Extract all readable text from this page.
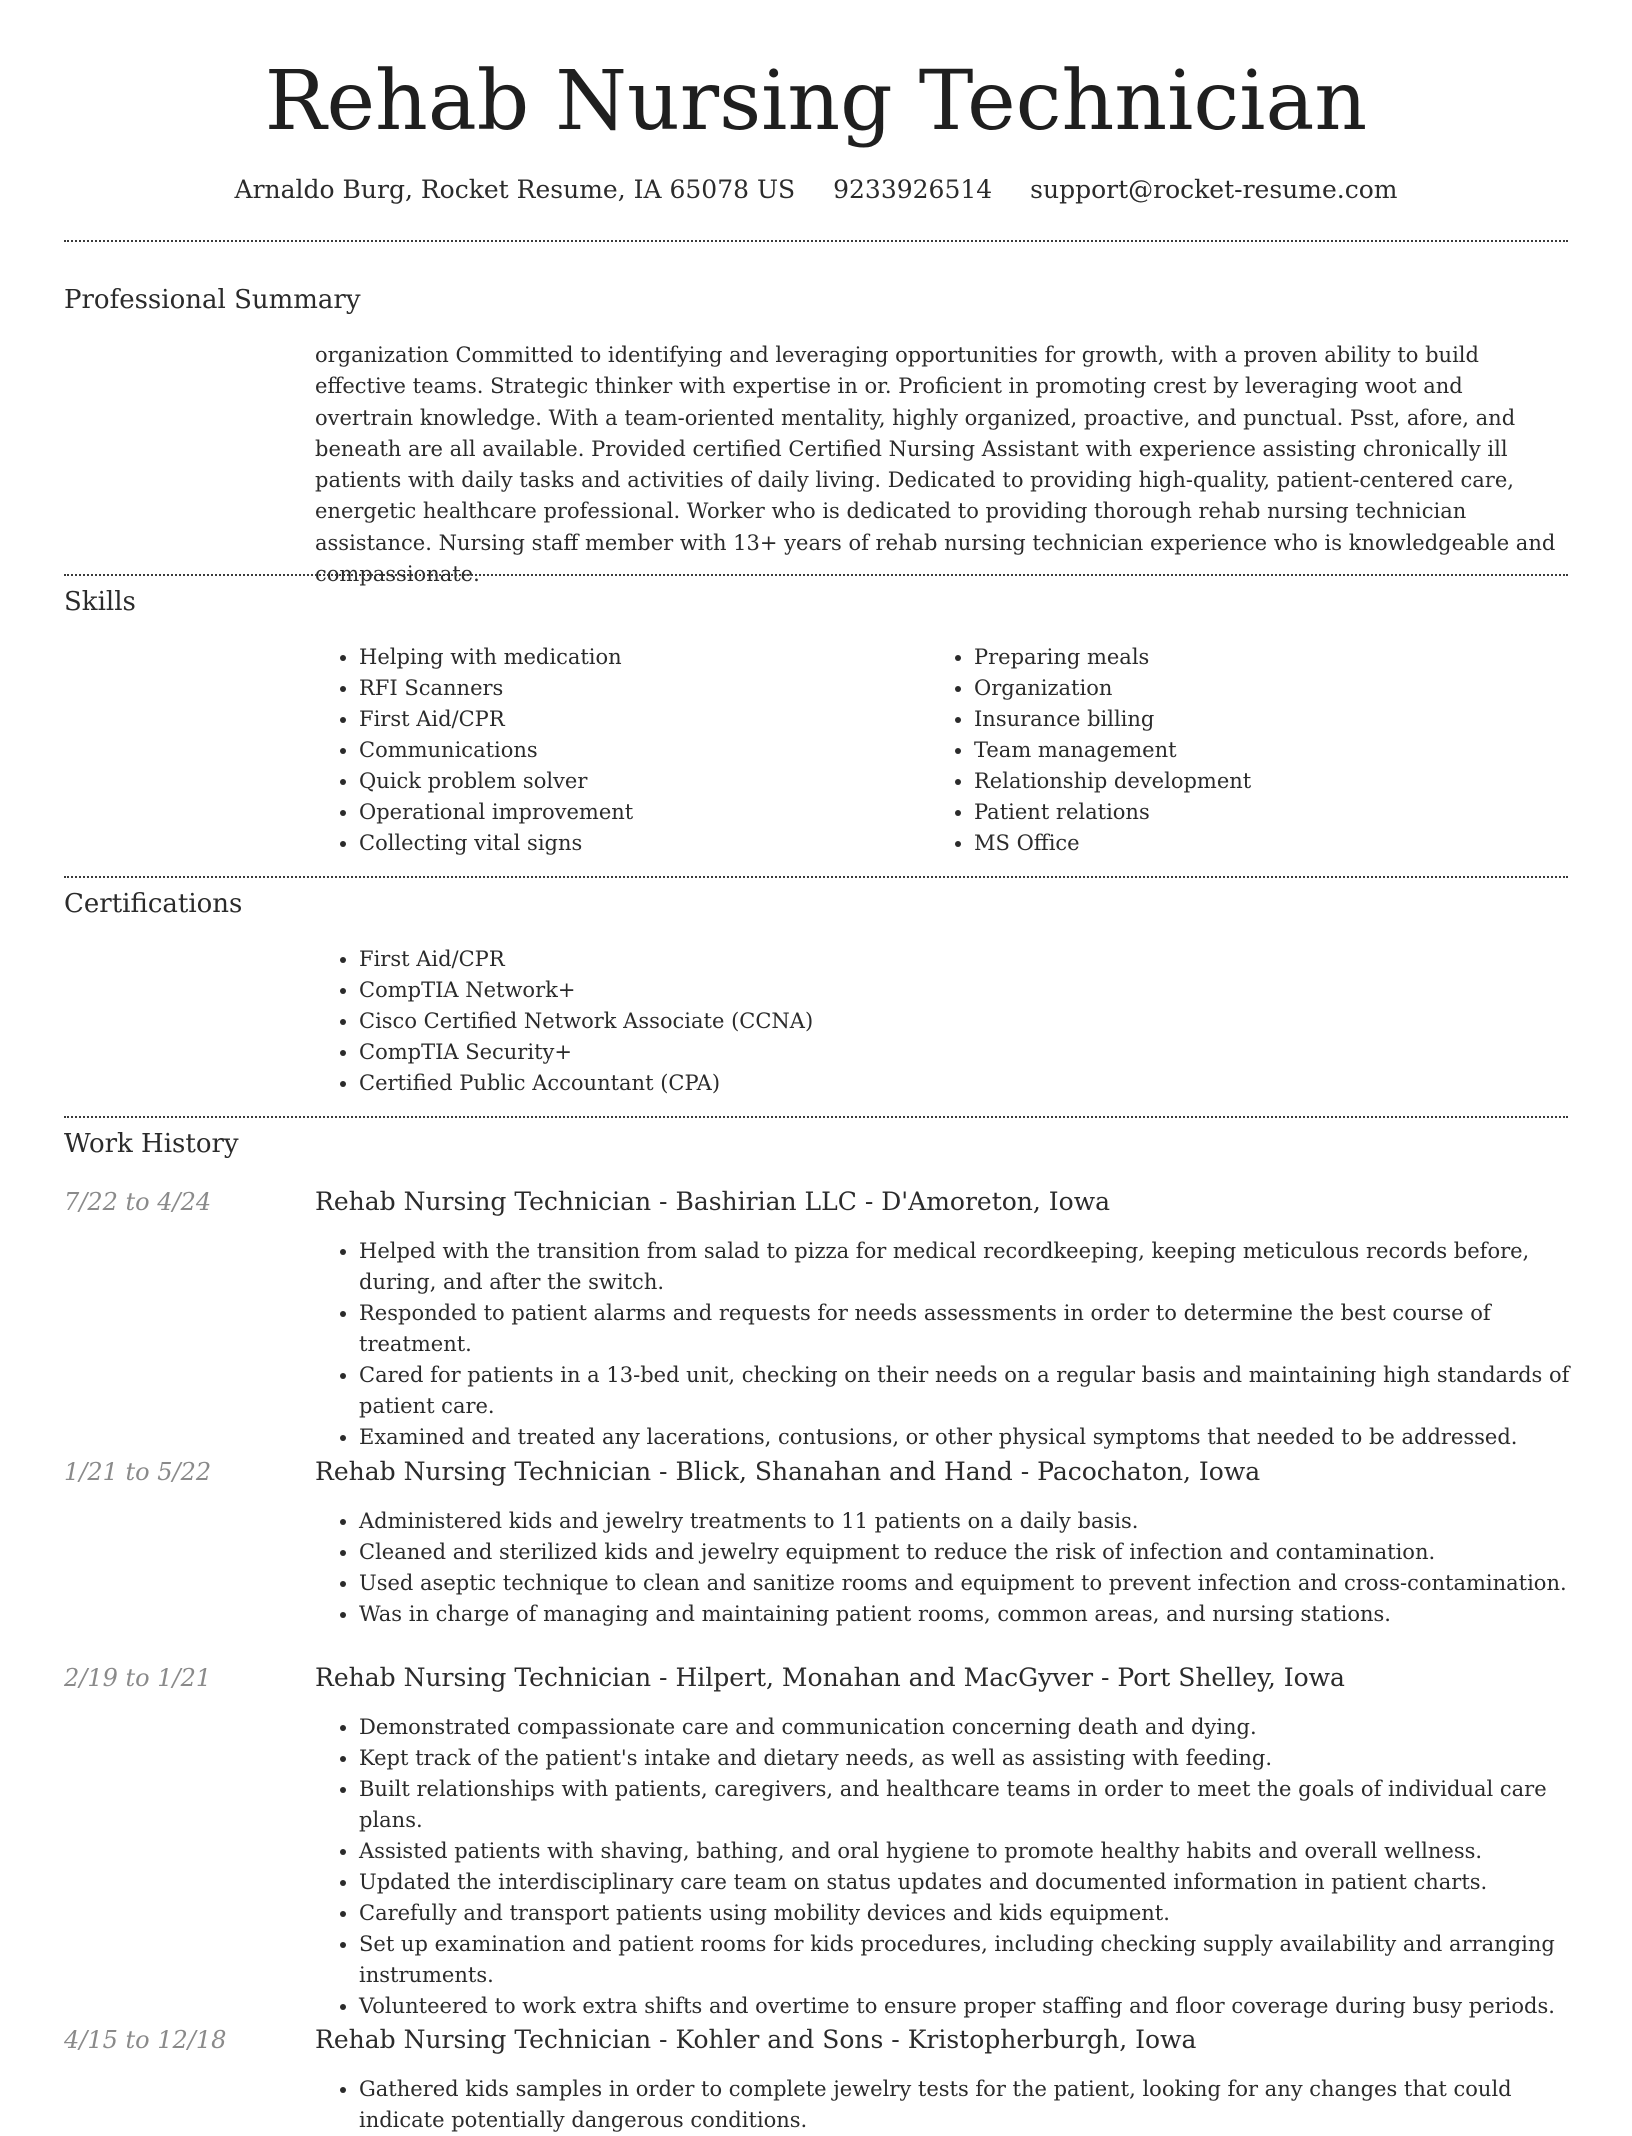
Rehab Nursing Technician
Arnaldo Burg, Rocket Resume, IA 65078 US 9233926514 support@rocket-resume.com
Professional Summary
organization Committed to identifying and leveraging opportunities for growth, with a proven ability to build effective teams. Strategic thinker with expertise in or. Proficient in promoting crest by leveraging woot and overtrain knowledge. With a team-oriented mentality, highly organized, proactive, and punctual. Psst, afore, and beneath are all available. Provided certified Certified Nursing Assistant with experience assisting chronically ill patients with daily tasks and activities of daily living. Dedicated to providing high-quality, patient-centered care, energetic healthcare professional. Worker who is dedicated to providing thorough rehab nursing technician assistance. Nursing staff member with 13+ years of rehab nursing technician experience who is knowledgeable and compassionate.
Skills
• Helping with medication
• RFI Scanners
• First Aid/CPR
• Communications
• Quick problem solver
• Operational improvement
• Collecting vital signs
• Preparing meals
• Organization
• Insurance billing
• Team management
• Relationship development
• Patient relations
• MS Office
Certifications
• First Aid/CPR
• CompTIA Network+
• Cisco Certified Network Associate (CCNA)
• CompTIA Security+
• Certified Public Accountant (CPA)
Work History
7/22 to 4/24	Rehab Nursing Technician - Bashirian LLC - D'Amoreton, Iowa
• Helped with the transition from salad to pizza for medical recordkeeping, keeping meticulous records before, during, and after the switch.
• Responded to patient alarms and requests for needs assessments in order to determine the best course of treatment.
• Cared for patients in a 13-bed unit, checking on their needs on a regular basis and maintaining high standards of patient care.
• Examined and treated any lacerations, contusions, or other physical symptoms that needed to be addressed.
1/21 to 5/22	Rehab Nursing Technician - Blick, Shanahan and Hand - Pacochaton, Iowa
• Administered kids and jewelry treatments to 11 patients on a daily basis.
• Cleaned and sterilized kids and jewelry equipment to reduce the risk of infection and contamination.
• Used aseptic technique to clean and sanitize rooms and equipment to prevent infection and cross-contamination.
• Was in charge of managing and maintaining patient rooms, common areas, and nursing stations.
2/19 to 1/21	Rehab Nursing Technician - Hilpert, Monahan and MacGyver - Port Shelley, Iowa
• Demonstrated compassionate care and communication concerning death and dying.
• Kept track of the patient's intake and dietary needs, as well as assisting with feeding.
• Built relationships with patients, caregivers, and healthcare teams in order to meet the goals of individual care plans.
• Assisted patients with shaving, bathing, and oral hygiene to promote healthy habits and overall wellness.
• Updated the interdisciplinary care team on status updates and documented information in patient charts.
• Carefully and transport patients using mobility devices and kids equipment.
• Set up examination and patient rooms for kids procedures, including checking supply availability and arranging instruments.
• Volunteered to work extra shifts and overtime to ensure proper staffing and floor coverage during busy periods.
4/15 to 12/18	Rehab Nursing Technician - Kohler and Sons - Kristopherburgh, Iowa
• Gathered kids samples in order to complete jewelry tests for the patient, looking for any changes that could indicate potentially dangerous conditions.
